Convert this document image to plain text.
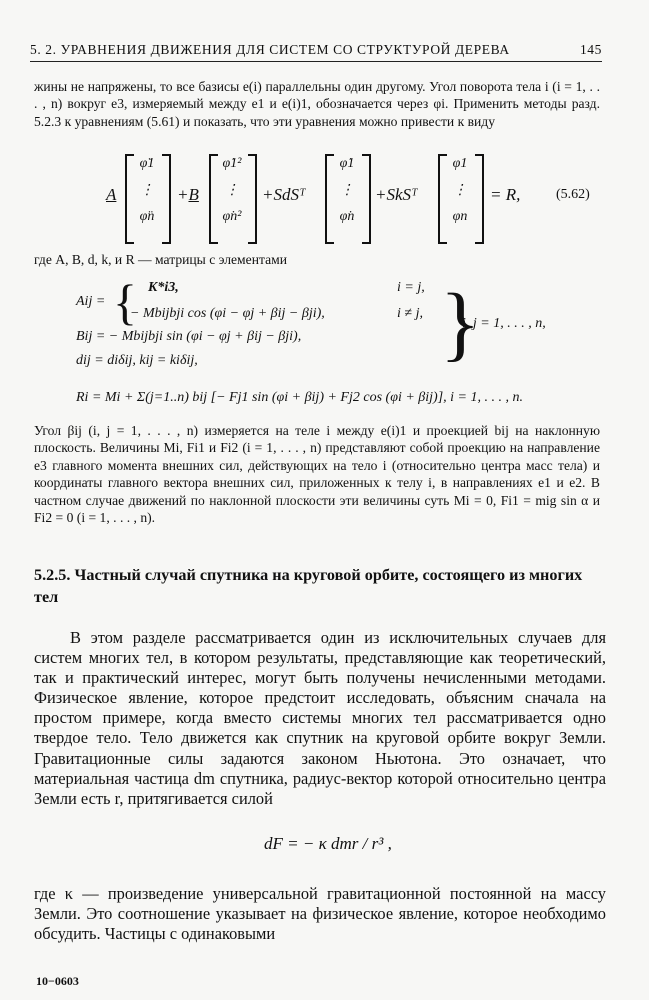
5. 2. УРАВНЕНИЯ ДВИЖЕНИЯ ДЛЯ СИСТЕМ СО СТРУКТУРОЙ ДЕРЕВА	145
жины не напряжены, то все базисы e(i) параллельны один другому. Угол поворота тела i (i = 1, . . . , n) вокруг e3, измеряемый между e1 и e(i)1, обозначается через φi. Применить методы разд. 5.2.3 к уравнениям (5.61) и показать, что эти уравнения можно привести к виду
A
φ̈1
⋮
φ̈n
+B
φ̇1²
⋮
φ̇n²
+SdSᵀ
φ̇1
⋮
φ̇n
+SkSᵀ
φ1
⋮
φn
= R,	(5.62)
где A, B, d, k, и R — матрицы с элементами
Aij = { K*i3,	i = j,
− Mbijbji cos (φi − φj + βij − βji),	i ≠ j,
Bij = − Mbijbji sin (φi − φj + βij − βji),
dij = diδij, kij = kiδij,	}
i, j = 1, . . . , n,
Ri = Mi + Σ(j=1..n) bij [− Fj1 sin (φi + βij) + Fj2 cos (φi + βij)], i = 1, . . . , n.
Угол βij (i, j = 1, . . . , n) измеряется на теле i между e(i)1 и проекцией bij на наклонную плоскость. Величины Mi, Fi1 и Fi2 (i = 1, . . . , n) представляют собой проекцию на направление e3 главного момента внешних сил, действующих на тело i (относительно центра масс тела) и координаты главного вектора внешних сил, приложенных к телу i, в направлениях e1 и e2. В частном случае движений по наклонной плоскости эти величины суть Mi = 0, Fi1 = mig sin α и Fi2 = 0 (i = 1, . . . , n).
5.2.5. Частный случай спутника на круговой орбите, состоящего из многих тел
В этом разделе рассматривается один из исключительных случаев для систем многих тел, в котором результаты, представляющие как теоретический, так и практический интерес, могут быть получены нечисленными методами. Физическое явление, которое предстоит исследовать, объясним сначала на простом примере, когда вместо системы многих тел рассматривается одно твердое тело. Тело движется как спутник на круговой орбите вокруг Земли. Гравитационные силы задаются законом Ньютона. Это означает, что материальная частица dm спутника, радиус-вектор которой относительно центра Земли есть r, притягивается силой
dF = − κ dmr / r³ ,
где κ — произведение универсальной гравитационной постоянной на массу Земли. Это соотношение указывает на физическое явление, которое необходимо обсудить. Частицы с одинаковыми
10−0603
